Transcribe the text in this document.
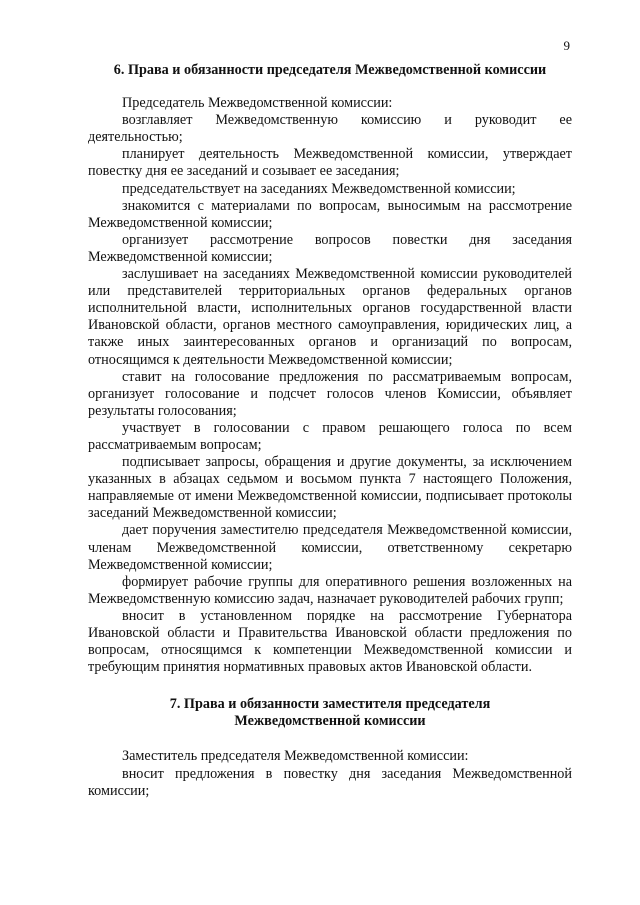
9
6. Права и обязанности председателя Межведомственной комиссии

Председатель Межведомственной комиссии:

возглавляет Межведомственную комиссию и руководит ее деятельностью;

планирует деятельность Межведомственной комиссии, утверждает повестку дня ее заседаний и созывает ее заседания;

председательствует на заседаниях Межведомственной комиссии;

знакомится с материалами по вопросам, выносимым на рассмотрение Межведомственной комиссии;

организует рассмотрение вопросов повестки дня заседания Межведомственной комиссии;

заслушивает на заседаниях Межведомственной комиссии руководителей или представителей территориальных органов федеральных органов исполнительной власти, исполнительных органов государственной власти Ивановской области, органов местного самоуправления, юридических лиц, а также иных заинтересованных органов и организаций по вопросам, относящимся к деятельности Межведомственной комиссии;

ставит на голосование предложения по рассматриваемым вопросам, организует голосование и подсчет голосов членов Комиссии, объявляет результаты голосования;

участвует в голосовании с правом решающего голоса по всем рассматриваемым вопросам;

подписывает запросы, обращения и другие документы, за исключением указанных в абзацах седьмом и восьмом пункта 7 настоящего Положения, направляемые от имени Межведомственной комиссии, подписывает протоколы заседаний Межведомственной комиссии;

дает поручения заместителю председателя Межведомственной комиссии, членам Межведомственной комиссии, ответственному секретарю Межведомственной комиссии;

формирует рабочие группы для оперативного решения возложенных на Межведомственную комиссию задач, назначает руководителей рабочих групп;

вносит в установленном порядке на рассмотрение Губернатора Ивановской области и Правительства Ивановской области предложения по вопросам, относящимся к компетенции Межведомственной комиссии и требующим принятия нормативных правовых актов Ивановской области.

7. Права и обязанности заместителя председателя
Межведомственной комиссии

Заместитель председателя Межведомственной комиссии:

вносит предложения в повестку дня заседания Межведомственной комиссии;
